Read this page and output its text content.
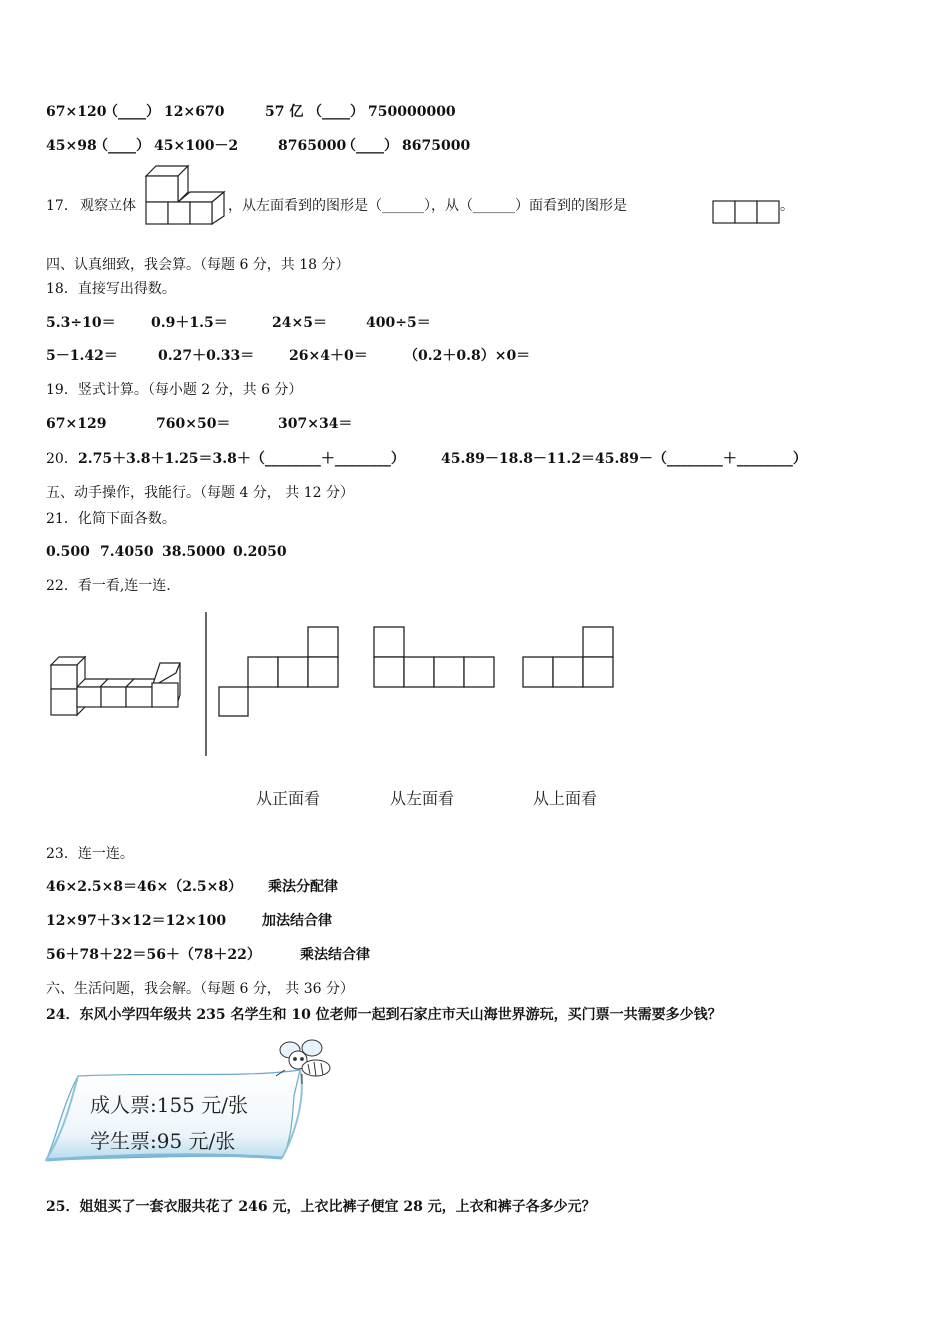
67×120
（____） 12×670	57 亿 （____） 750000000
45×98
（____） 45×100－2	8765000
（____） 8675000
17． 观察立体	，从左面看到的图形是（______），从（______）面看到的图形是	。
四、认真细致，我会算。（每题 6 分，共 18 分）
18．直接写出得数。
5.3÷10＝	0.9＋1.5＝	24×5＝	400÷5＝
5－1.42＝	0.27＋0.33＝ 26×4＋0＝	（0.2＋0.8）×0＝
19．竖式计算。（每小题 2 分，共 6 分）
67×129	760×50＝	307×34＝
20． 2.75＋3.8＋1.25＝3.8＋（________＋________）	45.89－18.8－11.2＝45.89－（________＋________）
五、动手操作，我能行。（每题 4 分， 共 12 分）
21．化简下面各数。
0.500 7.4050 38.5000 0.2050
22．看一看,连一连.
从正面看	从左面看	从上面看
23．连一连。
46×2.5×8＝46×（2.5×8） 乘法分配律
12×97＋3×12＝12×100	加法结合律
56＋78＋22＝56＋（78＋22）	乘法结合律
六、生活问题，我会解。（每题 6 分， 共 36 分）
24．东风小学四年级共 235 名学生和 10 位老师一起到石家庄市天山海世界游玩，买门票一共需要多少钱？
成人票:155 元/张
学生票:95 元/张
25．姐姐买了一套衣服共花了 246 元，上衣比裤子便宜 28 元，上衣和裤子各多少元？
